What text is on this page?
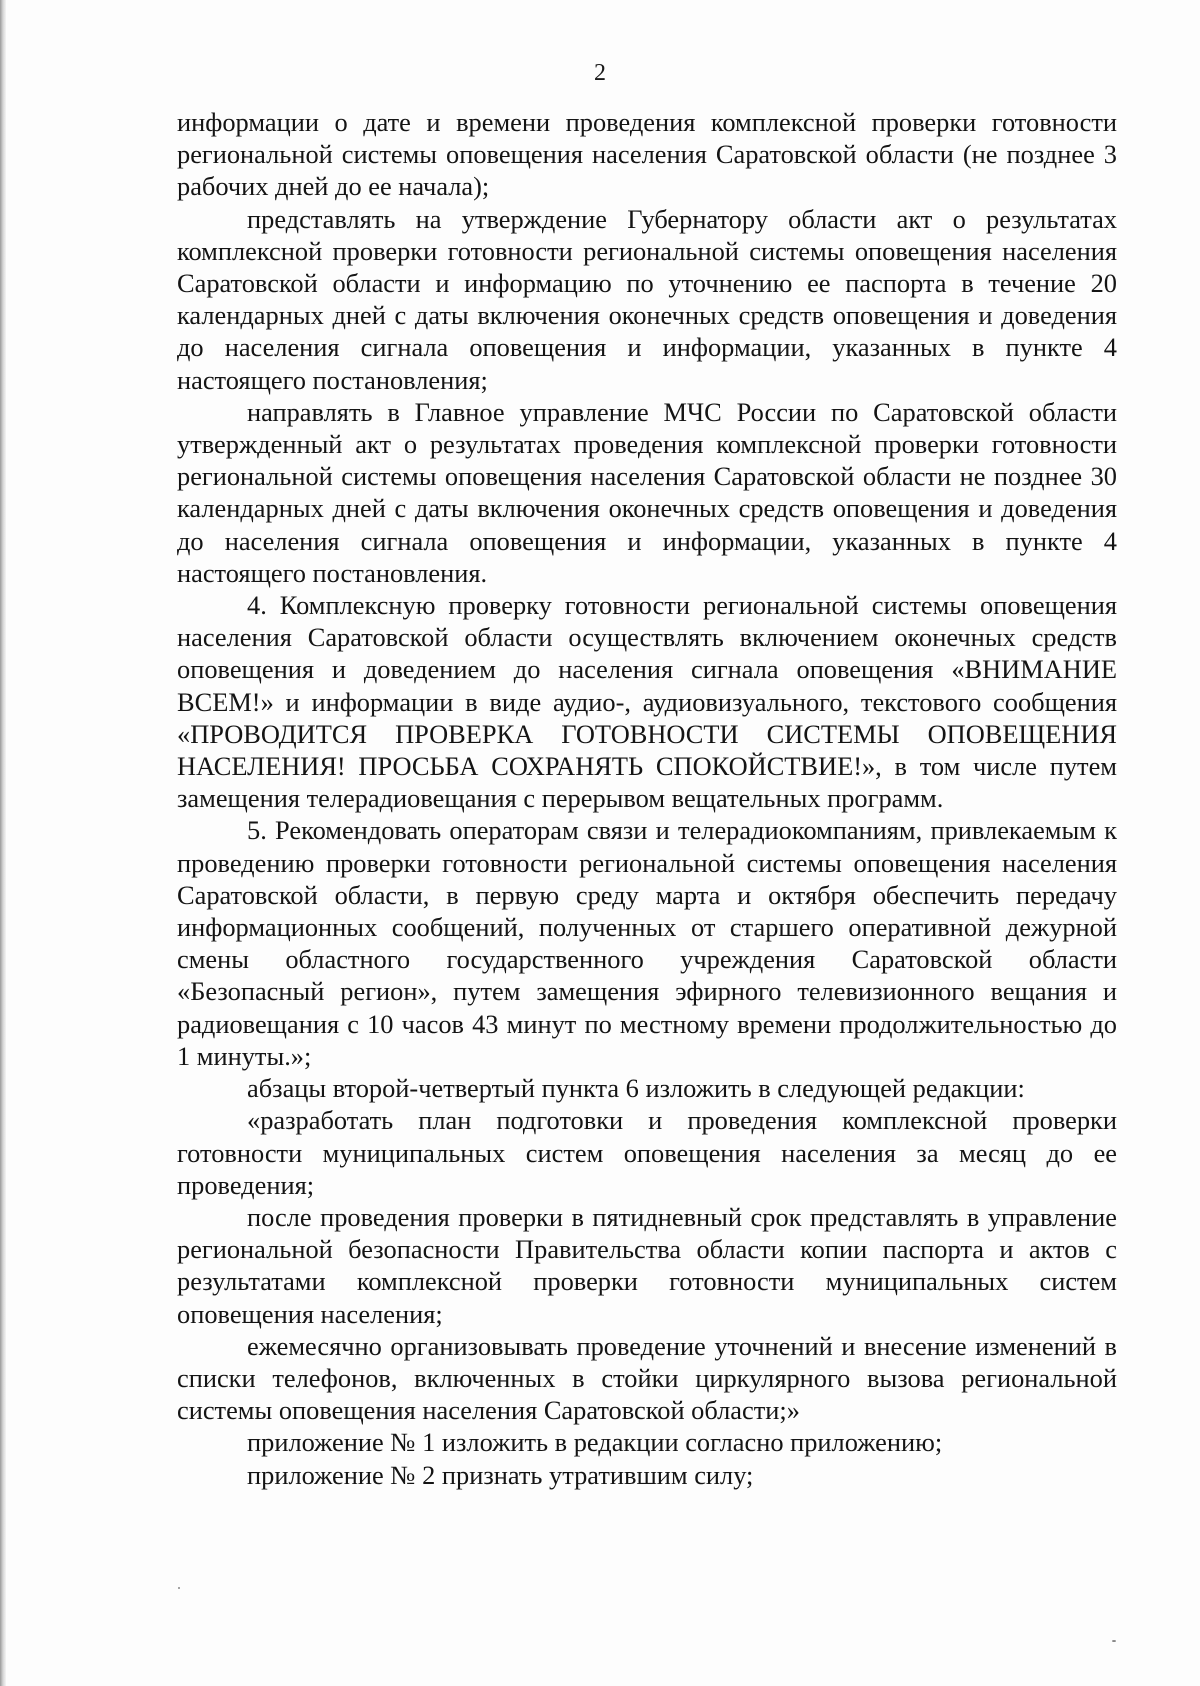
2

информации о дате и времени проведения комплексной проверки готовности региональной системы оповещения населения Саратовской области (не позднее 3 рабочих дней до ее начала);

представлять на утверждение Губернатору области акт о результатах комплексной проверки готовности региональной системы оповещения населения Саратовской области и информацию по уточнению ее паспорта в течение 20 календарных дней с даты включения оконечных средств оповещения и доведения до населения сигнала оповещения и информации, указанных в пункте 4 настоящего постановления;

направлять в Главное управление МЧС России по Саратовской области утвержденный акт о результатах проведения комплексной проверки готовности региональной системы оповещения населения Саратовской области не позднее 30 календарных дней с даты включения оконечных средств оповещения и доведения до населения сигнала оповещения и информации, указанных в пункте 4 настоящего постановления.

4. Комплексную проверку готовности региональной системы оповещения населения Саратовской области осуществлять включением оконечных средств оповещения и доведением до населения сигнала оповещения «ВНИМАНИЕ ВСЕМ!» и информации в виде аудио-, аудиовизуального, текстового сообщения «ПРОВОДИТСЯ ПРОВЕРКА ГОТОВНОСТИ СИСТЕМЫ ОПОВЕЩЕНИЯ НАСЕЛЕНИЯ! ПРОСЬБА СОХРАНЯТЬ СПОКОЙСТВИЕ!», в том числе путем замещения телерадиовещания с перерывом вещательных программ.

5. Рекомендовать операторам связи и телерадиокомпаниям, привлекаемым к проведению проверки готовности региональной системы оповещения населения Саратовской области, в первую среду марта и октября обеспечить передачу информационных сообщений, полученных от старшего оперативной дежурной смены областного государственного учреждения Саратовской области «Безопасный регион», путем замещения эфирного телевизионного вещания и радиовещания с 10 часов 43 минут по местному времени продолжительностью до 1 минуты.»;

абзацы второй-четвертый пункта 6 изложить в следующей редакции:

«разработать план подготовки и проведения комплексной проверки готовности муниципальных систем оповещения населения за месяц до ее проведения;

после проведения проверки в пятидневный срок представлять в управление региональной безопасности Правительства области копии паспорта и актов с результатами комплексной проверки готовности муниципальных систем оповещения населения;

ежемесячно организовывать проведение уточнений и внесение изменений в списки телефонов, включенных в стойки циркулярного вызова региональной системы оповещения населения Саратовской области;»

приложение № 1 изложить в редакции согласно приложению;

приложение № 2 признать утратившим силу;
